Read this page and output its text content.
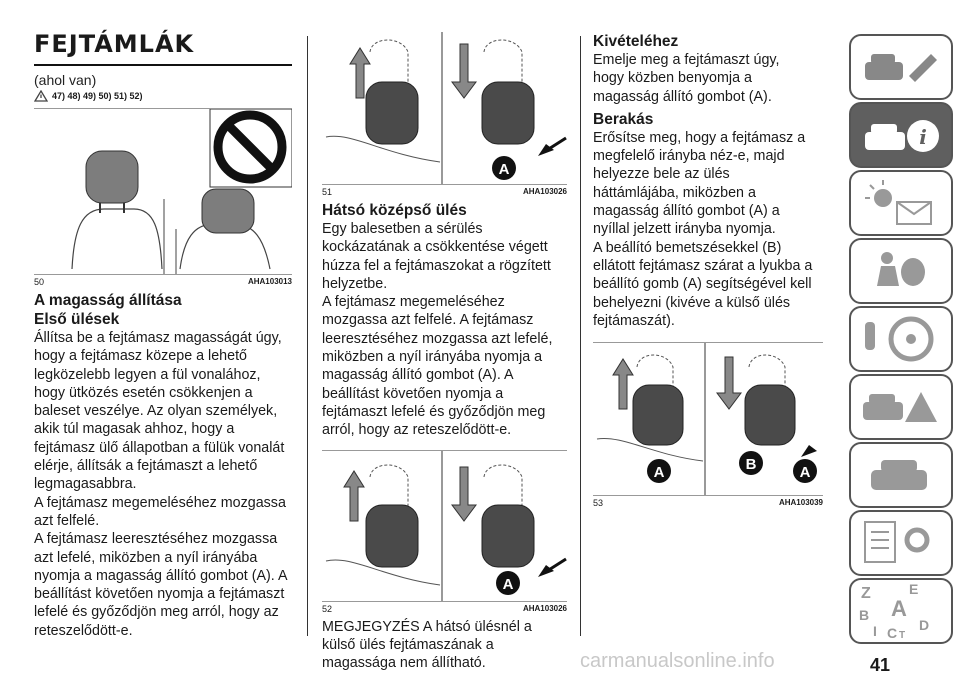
FEJTÁMLÁK
(ahol van)
47) 48) 49) 50) 51) 52)
50	AHA103013
A magasság állítása
Első ülések

Állítsa be a fejtámasz magasságát úgy, hogy a fejtámasz közepe a lehető legközelebb legyen a fül vonalához, hogy ütközés esetén csökkenjen a baleset veszélye. Az olyan személyek, akik túl magasak ahhoz, hogy a fejtámasz ülő állapotban a fülük vonalát elérje, állítsák a fejtámaszt a lehető legmagasabbra.

A fejtámasz megemeléséhez mozgassa azt felfelé.

A fejtámasz leeresztéséhez mozgassa azt lefelé, miközben a nyíl irányába nyomja a magasság állító gombot (A). A beállítást követően nyomja a fejtámaszt lefelé és győződjön meg arról, hogy az reteszelődött-e.

A
51	AHA103026
Hátsó középső ülés

Egy balesetben a sérülés kockázatának a csökkentése végett húzza fel a fejtámaszokat a rögzített helyzetbe.

A fejtámasz megemeléséhez mozgassa azt felfelé. A fejtámasz leeresztéséhez mozgassa azt lefelé, miközben a nyíl irányába nyomja a magasság állító gombot (A). A beállítást követően nyomja a fejtámaszt lefelé és győződjön meg arról, hogy az reteszelődött-e.

A
52	AHA103026

MEGJEGYZÉS A hátsó ülésnél a külső ülés fejtámaszának a magassága nem állítható.

Kivételéhez

Emelje meg a fejtámaszt úgy, hogy közben benyomja a magasság állító gombot (A).

Berakás

Erősítse meg, hogy a fejtámasz a megfelelő irányba néz-e, majd helyezze bele az ülés háttámlájába, miközben a magasság állító gombot (A) a nyíllal jelzett irányba nyomja.

A beállító bemetszésekkel (B) ellátott fejtámasz szárat a lyukba a beállító gomb (A) segítségével kell behelyezni (kivéve a külső ülés fejtámaszát).

A	B	A
53	AHA103039
i
Z	E
B A
I C T
D
41
carmanualsonline.info
